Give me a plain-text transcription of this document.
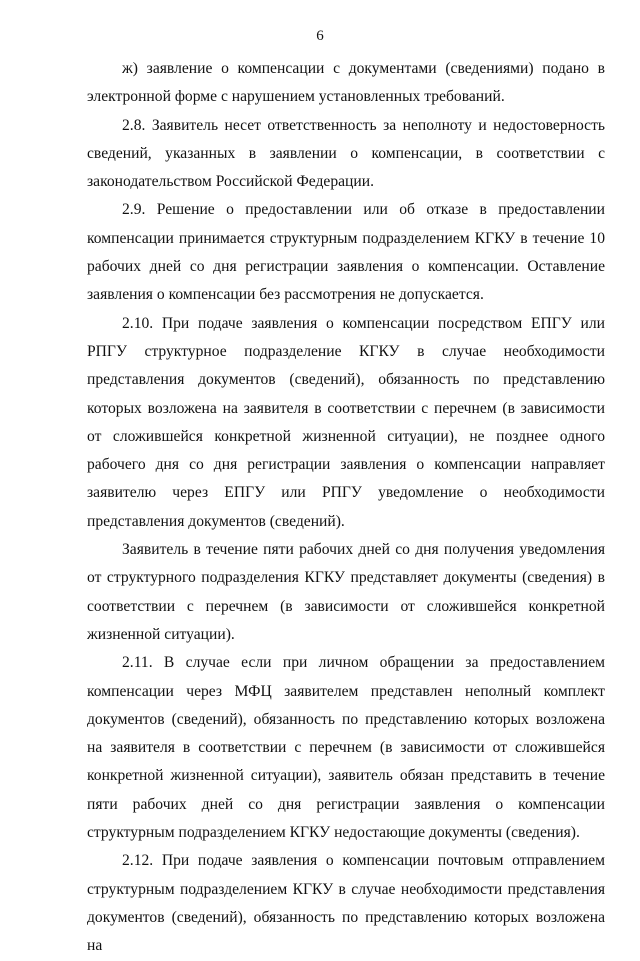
6

ж) заявление о компенсации с документами (сведениями) подано в электронной форме с нарушением установленных требований.

2.8. Заявитель несет ответственность за неполноту и недостоверность сведений, указанных в заявлении о компенсации, в соответствии с законодательством Российской Федерации.

2.9. Решение о предоставлении или об отказе в предоставлении компенсации принимается структурным подразделением КГКУ в течение 10 рабочих дней со дня регистрации заявления о компенсации. Оставление заявления о компенсации без рассмотрения не допускается.

2.10. При подаче заявления о компенсации посредством ЕПГУ или РПГУ структурное подразделение КГКУ в случае необходимости представления документов (сведений), обязанность по представлению которых возложена на заявителя в соответствии с перечнем (в зависимости от сложившейся конкретной жизненной ситуации), не позднее одного рабочего дня со дня регистрации заявления о компенсации направляет заявителю через ЕПГУ или РПГУ уведомление о необходимости представления документов (сведений).

Заявитель в течение пяти рабочих дней со дня получения уведомления от структурного подразделения КГКУ представляет документы (сведения) в соответствии с перечнем (в зависимости от сложившейся конкретной жизненной ситуации).

2.11. В случае если при личном обращении за предоставлением компенсации через МФЦ заявителем представлен неполный комплект документов (сведений), обязанность по представлению которых возложена на заявителя в соответствии с перечнем (в зависимости от сложившейся конкретной жизненной ситуации), заявитель обязан представить в течение пяти рабочих дней со дня регистрации заявления о компенсации структурным подразделением КГКУ недостающие документы (сведения).

2.12. При подаче заявления о компенсации почтовым отправлением структурным подразделением КГКУ в случае необходимости представления документов (сведений), обязанность по представлению которых возложена на
